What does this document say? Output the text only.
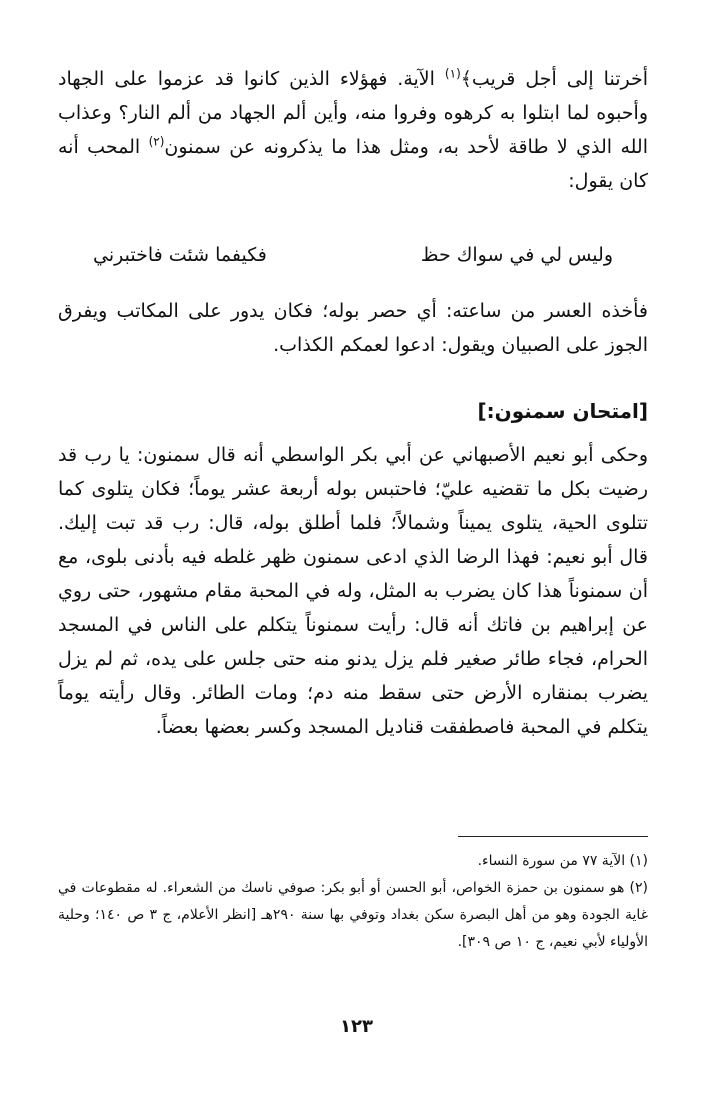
أخرتنا إلى أجل قريب﴾$^{(١)}$ الآية. فهؤلاء الذين كانوا قد عزموا على الجهاد وأحبوه لما ابتلوا به كرهوه وفروا منه، وأين ألم الجهاد من ألم النار؟ وعذاب الله الذي لا طاقة لأحد به، ومثل هذا ما يذكرونه عن سمنون$^{(٢)}$ المحب أنه كان يقول:

وليس لي في سواك حظ
فكيفما شئت فاختبرني

فأخذه العسر من ساعته: أي حصر بوله؛ فكان يدور على المكاتب ويفرق الجوز على الصبيان ويقول: ادعوا لعمكم الكذاب.

[امتحان سمنون:]

وحكى أبو نعيم الأصبهاني عن أبي بكر الواسطي أنه قال سمنون: يا رب قد رضيت بكل ما تقضيه عليّ؛ فاحتبس بوله أربعة عشر يوماً؛ فكان يتلوى كما تتلوى الحية، يتلوى يميناً وشمالاً؛ فلما أطلق بوله، قال: رب قد تبت إليك. قال أبو نعيم: فهذا الرضا الذي ادعى سمنون ظهر غلطه فيه بأدنى بلوى، مع أن سمنوناً هذا كان يضرب به المثل، وله في المحبة مقام مشهور، حتى روي عن إبراهيم بن فاتك أنه قال: رأيت سمنوناً يتكلم على الناس في المسجد الحرام، فجاء طائر صغير فلم يزل يدنو منه حتى جلس على يده، ثم لم يزل يضرب بمنقاره الأرض حتى سقط منه دم؛ ومات الطائر. وقال رأيته يوماً يتكلم في المحبة فاصطفقت قناديل المسجد وكسر بعضها بعضاً.

(١) الآية ٧٧ من سورة النساء.

(٢) هو سمنون بن حمزة الخواص، أبو الحسن أو أبو بكر: صوفي ناسك من الشعراء. له مقطوعات في غاية الجودة وهو من أهل البصرة سكن بغداد وتوفي بها سنة ٢٩٠هـ [انظر الأعلام، ج ٣ ص ١٤٠؛ وحلية الأولياء لأبي نعيم، ج ١٠ ص ٣٠٩].

١٢٣
